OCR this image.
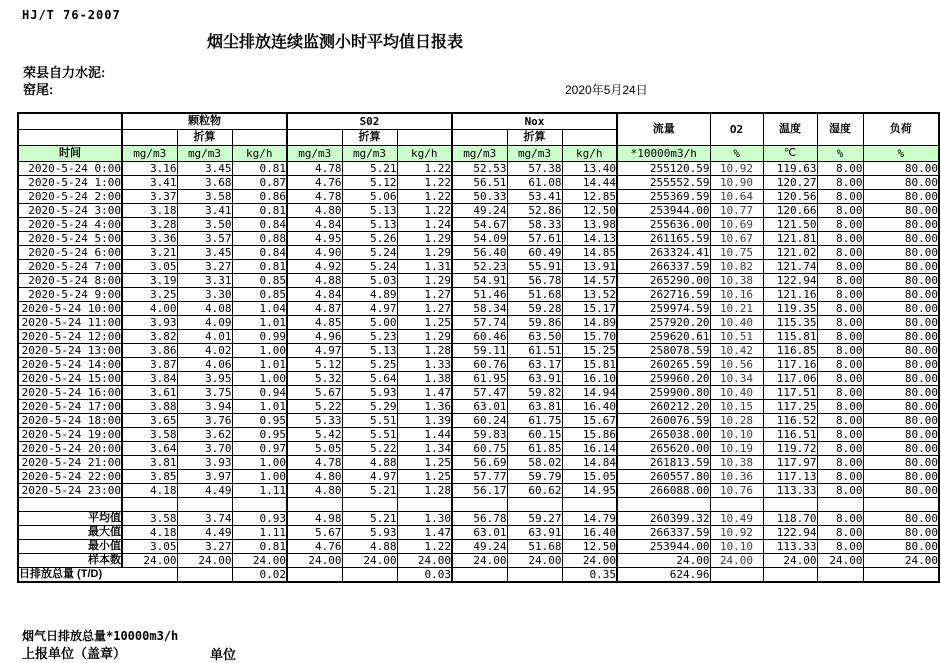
HJ/T 76-2007
烟尘排放连续监测小时平均值日报表
荣县自力水泥:
窑尾:	2020年5月24日
	颗粒物			S02			Nox			流量	O2	温度	湿度	负荷
		折算			折算			折算						
时间	mg/m3	mg/m3	kg/h	mg/m3	mg/m3	kg/h	mg/m3	mg/m3	kg/h	*10000m3/h	%	℃	%	%
2020-5-24 0:00	3.16	3.45	0.81	4.78	5.21	1.22	52.53	57.38	13.40	255120.59	10.92	119.63	8.00	80.00
2020-5-24 1:00	3.41	3.68	0.87	4.76	5.12	1.22	56.51	61.08	14.44	255552.59	10.90	120.27	8.00	80.00
2020-5-24 2:00	3.37	3.58	0.86	4.78	5.06	1.22	50.33	53.41	12.85	255369.59	10.64	120.56	8.00	80.00
2020-5-24 3:00	3.18	3.41	0.81	4.80	5.13	1.22	49.24	52.86	12.50	253944.00	10.77	120.66	8.00	80.00
2020-5-24 4:00	3.28	3.50	0.84	4.84	5.13	1.24	54.67	58.33	13.98	255636.00	10.69	121.50	8.00	80.00
2020-5-24 5:00	3.36	3.57	0.88	4.95	5.26	1.29	54.09	57.61	14.13	261165.59	10.67	121.81	8.00	80.00
2020-5-24 6:00	3.21	3.45	0.84	4.90	5.24	1.29	56.40	60.49	14.85	263324.41	10.75	121.02	8.00	80.00
2020-5-24 7:00	3.05	3.27	0.81	4.92	5.24	1.31	52.23	55.91	13.91	266337.59	10.82	121.74	8.00	80.00
2020-5-24 8:00	3.19	3.31	0.85	4.88	5.03	1.29	54.91	56.78	14.57	265290.00	10.38	122.94	8.00	80.00
2020-5-24 9:00	3.25	3.30	0.85	4.84	4.89	1.27	51.46	51.68	13.52	262716.59	10.16	121.16	8.00	80.00
2020-5-24 10:00	4.00	4.08	1.04	4.87	4.97	1.27	58.34	59.28	15.17	259974.59	10.21	119.35	8.00	80.00
2020-5-24 11:00	3.93	4.09	1.01	4.85	5.00	1.25	57.74	59.86	14.89	257920.20	10.40	115.35	8.00	80.00
2020-5-24 12:00	3.82	4.01	0.99	4.96	5.23	1.29	60.46	63.50	15.70	259620.61	10.51	115.81	8.00	80.00
2020-5-24 13:00	3.86	4.02	1.00	4.97	5.13	1.28	59.11	61.51	15.25	258078.59	10.42	116.85	8.00	80.00
2020-5-24 14:00	3.87	4.06	1.01	5.12	5.25	1.33	60.76	63.17	15.81	260265.59	10.56	117.16	8.00	80.00
2020-5-24 15:00	3.84	3.95	1.00	5.32	5.64	1.38	61.95	63.91	16.10	259960.20	10.34	117.06	8.00	80.00
2020-5-24 16:00	3.61	3.75	0.94	5.67	5.93	1.47	57.47	59.82	14.94	259900.80	10.40	117.51	8.00	80.00
2020-5-24 17:00	3.88	3.94	1.01	5.22	5.29	1.36	63.01	63.81	16.40	260212.20	10.15	117.25	8.00	80.00
2020-5-24 18:00	3.65	3.76	0.95	5.33	5.51	1.39	60.24	61.75	15.67	260076.59	10.28	116.52	8.00	80.00
2020-5-24 19:00	3.58	3.62	0.95	5.42	5.51	1.44	59.83	60.15	15.86	265038.00	10.10	116.51	8.00	80.00
2020-5-24 20:00	3.64	3.70	0.97	5.05	5.22	1.34	60.75	61.85	16.14	265620.00	10.19	119.72	8.00	80.00
2020-5-24 21:00	3.81	3.93	1.00	4.78	4.88	1.25	56.69	58.02	14.84	261813.59	10.38	117.97	8.00	80.00
2020-5-24 22:00	3.85	3.97	1.00	4.80	4.97	1.25	57.77	59.79	15.05	260557.80	10.36	117.13	8.00	80.00
2020-5-24 23:00	4.18	4.49	1.11	4.80	5.21	1.28	56.17	60.62	14.95	266088.00	10.76	113.33	8.00	80.00

平均值	3.58	3.74	0.93	4.98	5.21	1.30	56.78	59.27	14.79	260399.32	10.49	118.70	8.00	80.00
最大值	4.18	4.49	1.11	5.67	5.93	1.47	63.01	63.91	16.40	266337.59	10.92	122.94	8.00	80.00
最小值	3.05	3.27	0.81	4.76	4.88	1.22	49.24	51.68	12.50	253944.00	10.10	113.33	8.00	80.00
样本数	24.00	24.00	24.00	24.00	24.00	24.00	24.00	24.00	24.00	24.00	24.00	24.00	24.00	24.00
日排放总量 (T/D)			0.02			0.03			0.35	624.96				
烟气日排放总量*10000m3/h
上报单位（盖章）	单位
